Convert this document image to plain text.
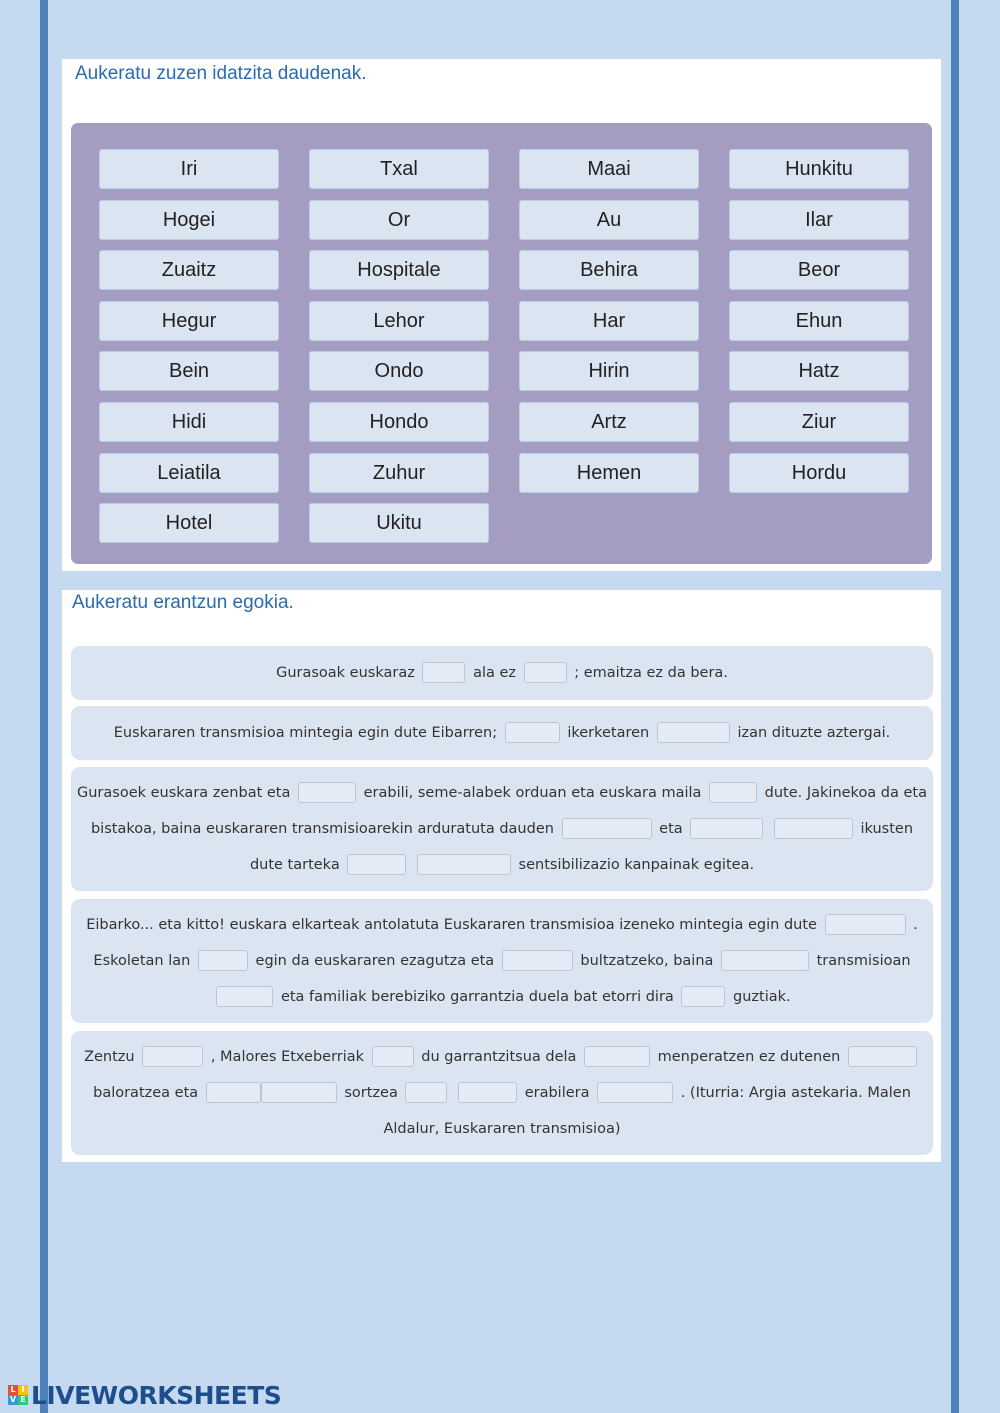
Aukeratu zuzen idatzita daudenak.
Iri	Txal	Maai	Hunkitu
Hogei	Or	Au	Ilar
Zuaitz	Hospitale	Behira	Beor
Hegur	Lehor	Har	Ehun
Bein	Ondo	Hirin	Hatz
Hidi	Hondo	Artz	Ziur
Leiatila	Zuhur	Hemen	Hordu
Hotel	Ukitu
Aukeratu erantzun egokia.
Gurasoak euskaraz	ala ez	; emaitza ez da bera.
Euskararen transmisioa mintegia egin dute Eibarren;	ikerketaren	izan dituzte aztergai.
Gurasoek euskara zenbat eta	erabili, seme-alabek orduan eta euskara maila	dute. Jakinekoa da eta bistakoa, baina euskararen transmisioarekin arduratuta dauden	eta	ikusten dute tarteka	sentsibilizazio kanpainak egitea.
Eibarko... eta kitto! euskara elkarteak antolatuta Euskararen transmisioa izeneko mintegia egin dute	. Eskoletan lan	egin da euskararen ezagutza eta	bultzatzeko, baina	transmisioan  eta familiak berebiziko garrantzia duela bat etorri dira	guztiak.
Zentzu	, Malores Etxeberriak	du garrantzitsua dela	menperatzen ez dutenen  baloratzea eta	sortzea	erabilera	. (Iturria: Argia astekaria. Malen Aldalur, Euskararen transmisioa)
L I
V E LIVEWORKSHEETS
